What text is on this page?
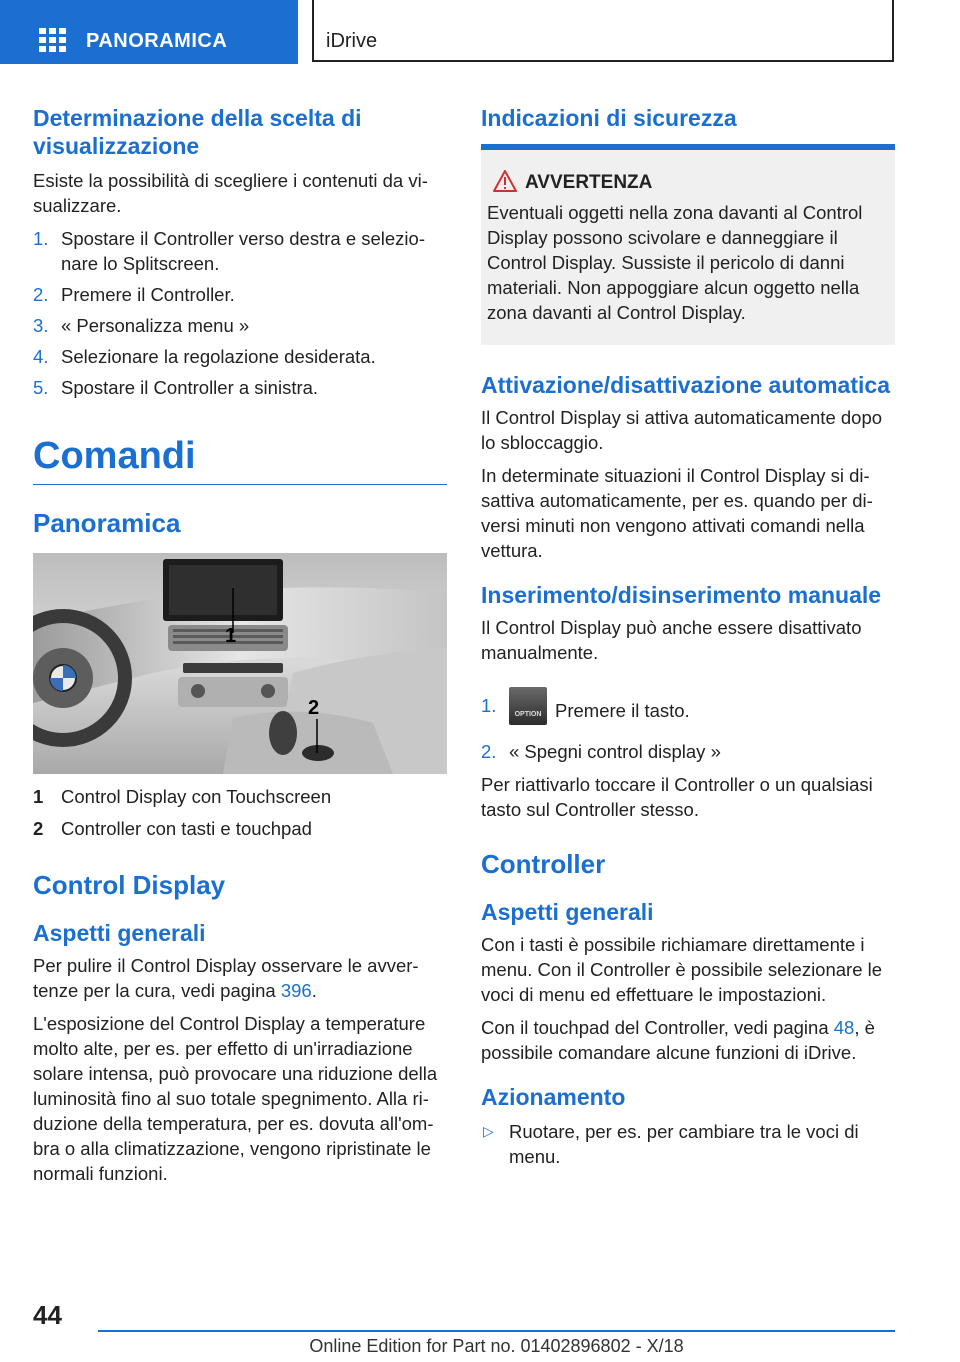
PANORAMICA	iDrive
Determinazione della scelta di visualizzazione
Esiste la possibilità di scegliere i contenuti da vi-sualizzare.
1. Spostare il Controller verso destra e selezio-nare lo Splitscreen.
2. Premere il Controller.
3. « Personalizza menu »
4. Selezionare la regolazione desiderata.
5. Spostare il Controller a sinistra.
Comandi
Panoramica
1
2
1 Control Display con Touchscreen
2 Controller con tasti e touchpad
Control Display
Aspetti generali
Per pulire il Control Display osservare le avver-tenze per la cura, vedi pagina 396.
L'esposizione del Control Display a temperature molto alte, per es. per effetto di un'irradiazione solare intensa, può provocare una riduzione della luminosità fino al suo totale spegnimento. Alla ri-duzione della temperatura, per es. dovuta all'om-bra o alla climatizzazione, vengono ripristinate le normali funzioni.
Indicazioni di sicurezza
AVVERTENZA
Eventuali oggetti nella zona davanti al Control Display possono scivolare e danneggiare il Control Display. Sussiste il pericolo di danni materiali. Non appoggiare alcun oggetto nella zona davanti al Control Display.
Attivazione/disattivazione automatica
Il Control Display si attiva automaticamente dopo lo sbloccaggio.
In determinate situazioni il Control Display si di-sattiva automaticamente, per es. quando per di-versi minuti non vengono attivati comandi nella vettura.
Inserimento/disinserimento manuale
Il Control Display può anche essere disattivato manualmente.
1.	OPTION Premere il tasto.
2. « Spegni control display »
Per riattivarlo toccare il Controller o un qualsiasi tasto sul Controller stesso.
Controller
Aspetti generali
Con i tasti è possibile richiamare direttamente i menu. Con il Controller è possibile selezionare le voci di menu ed effettuare le impostazioni.
Con il touchpad del Controller, vedi pagina 48, è possibile comandare alcune funzioni di iDrive.
Azionamento
▷ Ruotare, per es. per cambiare tra le voci di menu.
44
Online Edition for Part no. 01402896802 - X/18
